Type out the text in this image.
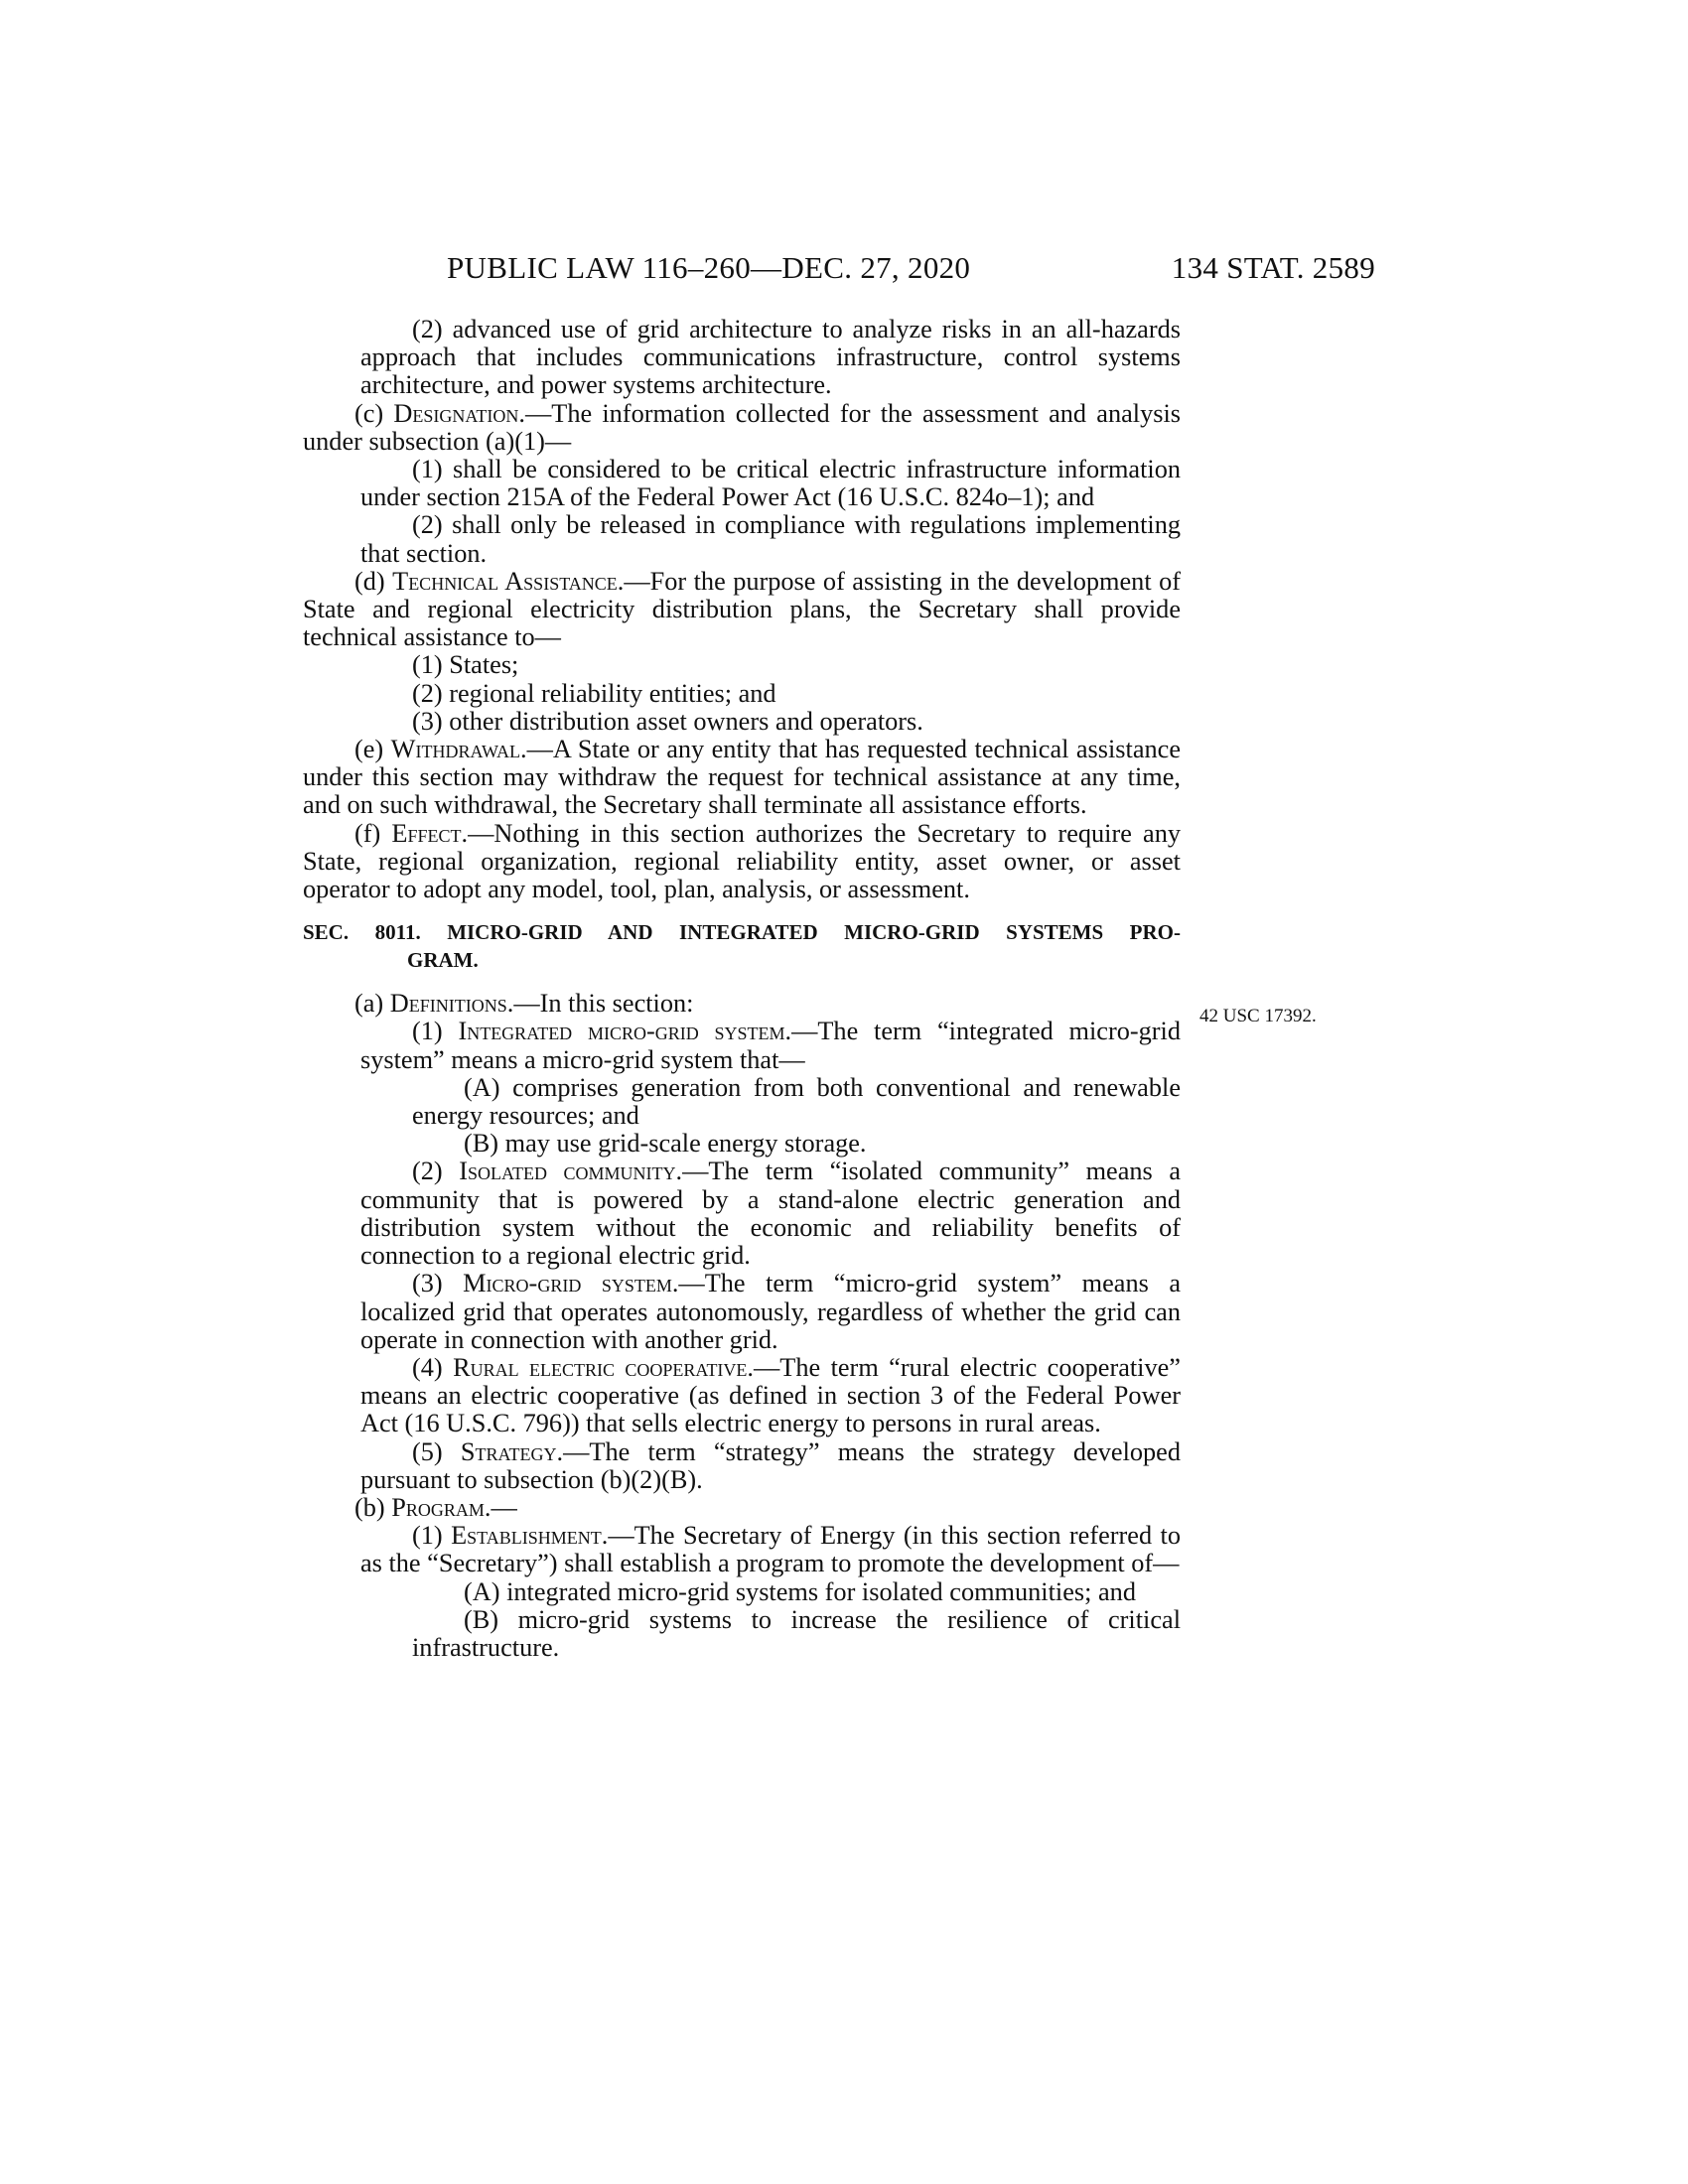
PUBLIC LAW 116–260—DEC. 27, 2020	134 STAT. 2589
42 USC 17392.

(2) advanced use of grid architecture to analyze risks in an all-hazards approach that includes communications infrastructure, control systems architecture, and power systems architecture.

(c) Designation.—The information collected for the assessment and analysis under subsection (a)(1)—

(1) shall be considered to be critical electric infrastructure information under section 215A of the Federal Power Act (16 U.S.C. 824o–1); and

(2) shall only be released in compliance with regulations implementing that section.

(d) Technical Assistance.—For the purpose of assisting in the development of State and regional electricity distribution plans, the Secretary shall provide technical assistance to—

(1) States;

(2) regional reliability entities; and

(3) other distribution asset owners and operators.

(e) Withdrawal.—A State or any entity that has requested technical assistance under this section may withdraw the request for technical assistance at any time, and on such withdrawal, the Secretary shall terminate all assistance efforts.

(f) Effect.—Nothing in this section authorizes the Secretary to require any State, regional organization, regional reliability entity, asset owner, or asset operator to adopt any model, tool, plan, analysis, or assessment.

SEC. 8011. MICRO-GRID AND INTEGRATED MICRO-GRID SYSTEMS PRO-
GRAM.

(a) Definitions.—In this section:

(1) Integrated micro-grid system.—The term “integrated micro-grid system” means a micro-grid system that—

(A) comprises generation from both conventional and renewable energy resources; and

(B) may use grid-scale energy storage.

(2) Isolated community.—The term “isolated community” means a community that is powered by a stand-alone electric generation and distribution system without the economic and reliability benefits of connection to a regional electric grid.

(3) Micro-grid system.—The term “micro-grid system” means a localized grid that operates autonomously, regardless of whether the grid can operate in connection with another grid.

(4) Rural electric cooperative.—The term “rural electric cooperative” means an electric cooperative (as defined in section 3 of the Federal Power Act (16 U.S.C. 796)) that sells electric energy to persons in rural areas.

(5) Strategy.—The term “strategy” means the strategy developed pursuant to subsection (b)(2)(B).

(b) Program.—

(1) Establishment.—The Secretary of Energy (in this section referred to as the “Secretary”) shall establish a program to promote the development of—

(A) integrated micro-grid systems for isolated communities; and

(B) micro-grid systems to increase the resilience of critical infrastructure.
